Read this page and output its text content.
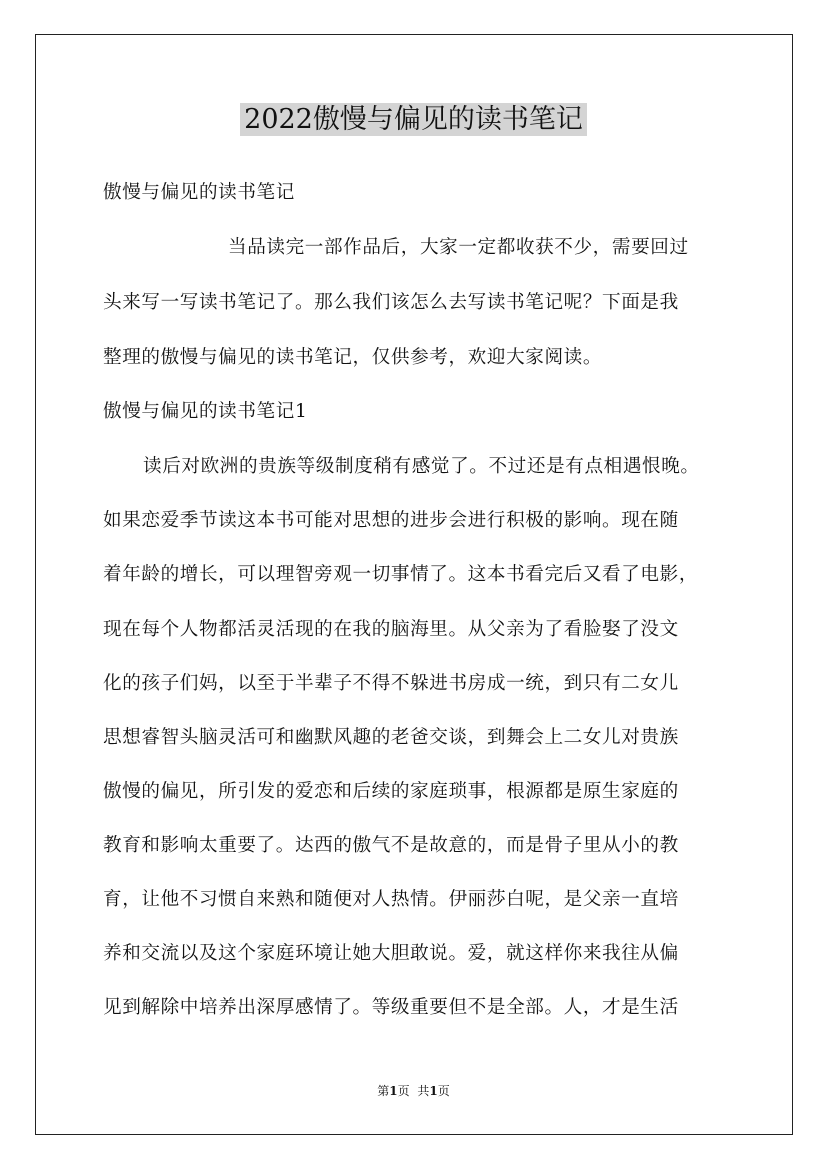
2022傲慢与偏见的读书笔记
傲慢与偏见的读书笔记
当品读完一部作品后，大家一定都收获不少，需要回过
头来写一写读书笔记了。那么我们该怎么去写读书笔记呢？下面是我
整理的傲慢与偏见的读书笔记，仅供参考，欢迎大家阅读。
傲慢与偏见的读书笔记1
读后对欧洲的贵族等级制度稍有感觉了。不过还是有点相遇恨晚。
如果恋爱季节读这本书可能对思想的进步会进行积极的影响。现在随
着年龄的增长，可以理智旁观一切事情了。这本书看完后又看了电影，
现在每个人物都活灵活现的在我的脑海里。从父亲为了看脸娶了没文
化的孩子们妈，以至于半辈子不得不躲进书房成一统，到只有二女儿
思想睿智头脑灵活可和幽默风趣的老爸交谈，到舞会上二女儿对贵族
傲慢的偏见，所引发的爱恋和后续的家庭琐事，根源都是原生家庭的
教育和影响太重要了。达西的傲气不是故意的，而是骨子里从小的教
育，让他不习惯自来熟和随便对人热情。伊丽莎白呢，是父亲一直培
养和交流以及这个家庭环境让她大胆敢说。爱，就这样你来我往从偏
见到解除中培养出深厚感情了。等级重要但不是全部。人，才是生活
第1页 共1页
